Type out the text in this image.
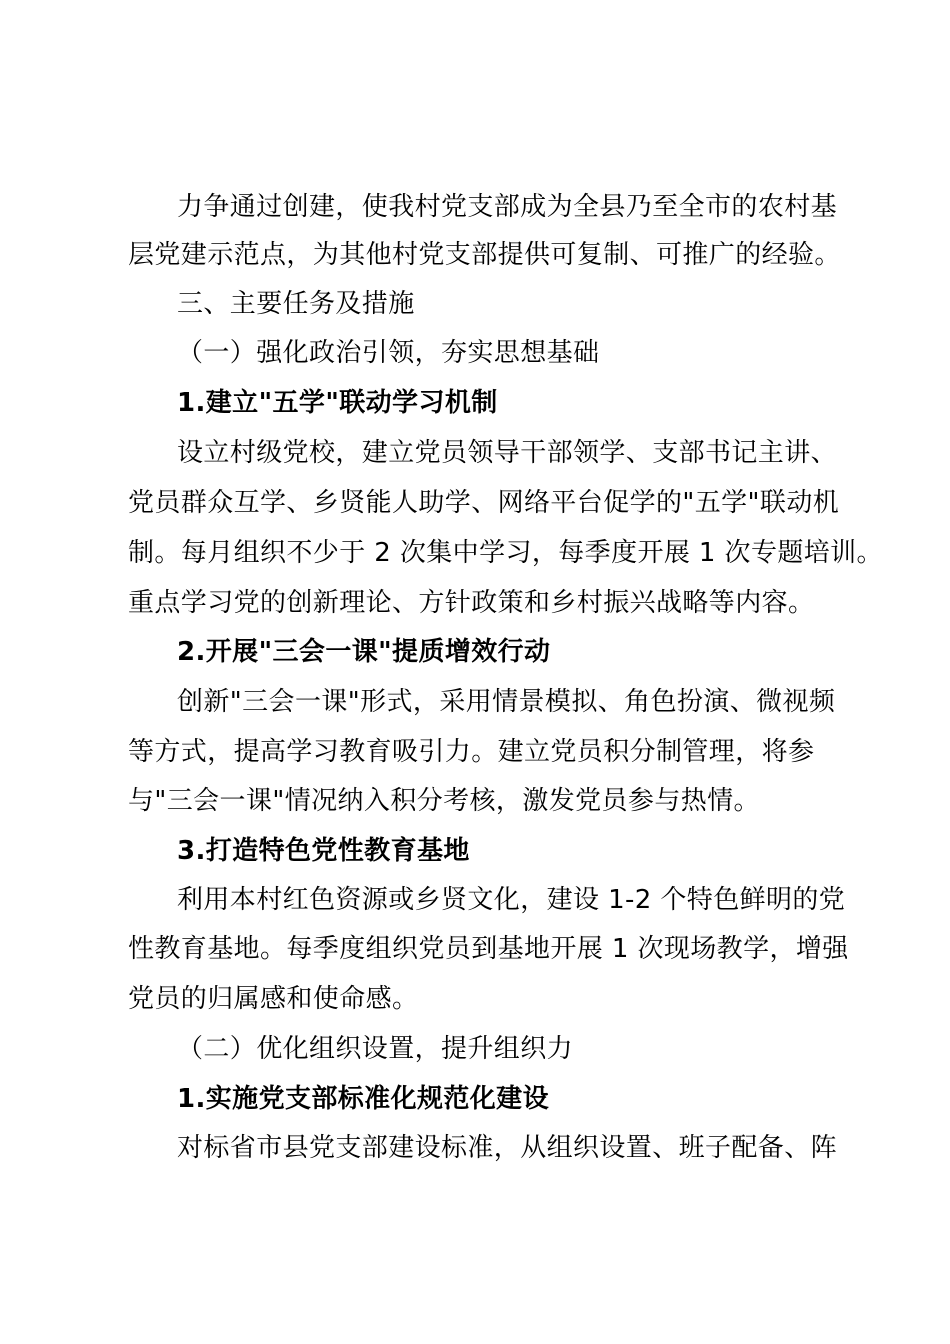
力争通过创建，使我村党支部成为全县乃至全市的农村基
层党建示范点，为其他村党支部提供可复制、可推广的经验。
三、主要任务及措施
（一）强化政治引领，夯实思想基础
1.建立"五学"联动学习机制
设立村级党校，建立党员领导干部领学、支部书记主讲、
党员群众互学、乡贤能人助学、网络平台促学的"五学"联动机
制。每月组织不少于 2 次集中学习，每季度开展 1 次专题培训。
重点学习党的创新理论、方针政策和乡村振兴战略等内容。
2.开展"三会一课"提质增效行动
创新"三会一课"形式，采用情景模拟、角色扮演、微视频
等方式，提高学习教育吸引力。建立党员积分制管理，将参
与"三会一课"情况纳入积分考核，激发党员参与热情。
3.打造特色党性教育基地
利用本村红色资源或乡贤文化，建设 1-2 个特色鲜明的党
性教育基地。每季度组织党员到基地开展 1 次现场教学，增强
党员的归属感和使命感。
（二）优化组织设置，提升组织力
1.实施党支部标准化规范化建设
对标省市县党支部建设标准，从组织设置、班子配备、阵
